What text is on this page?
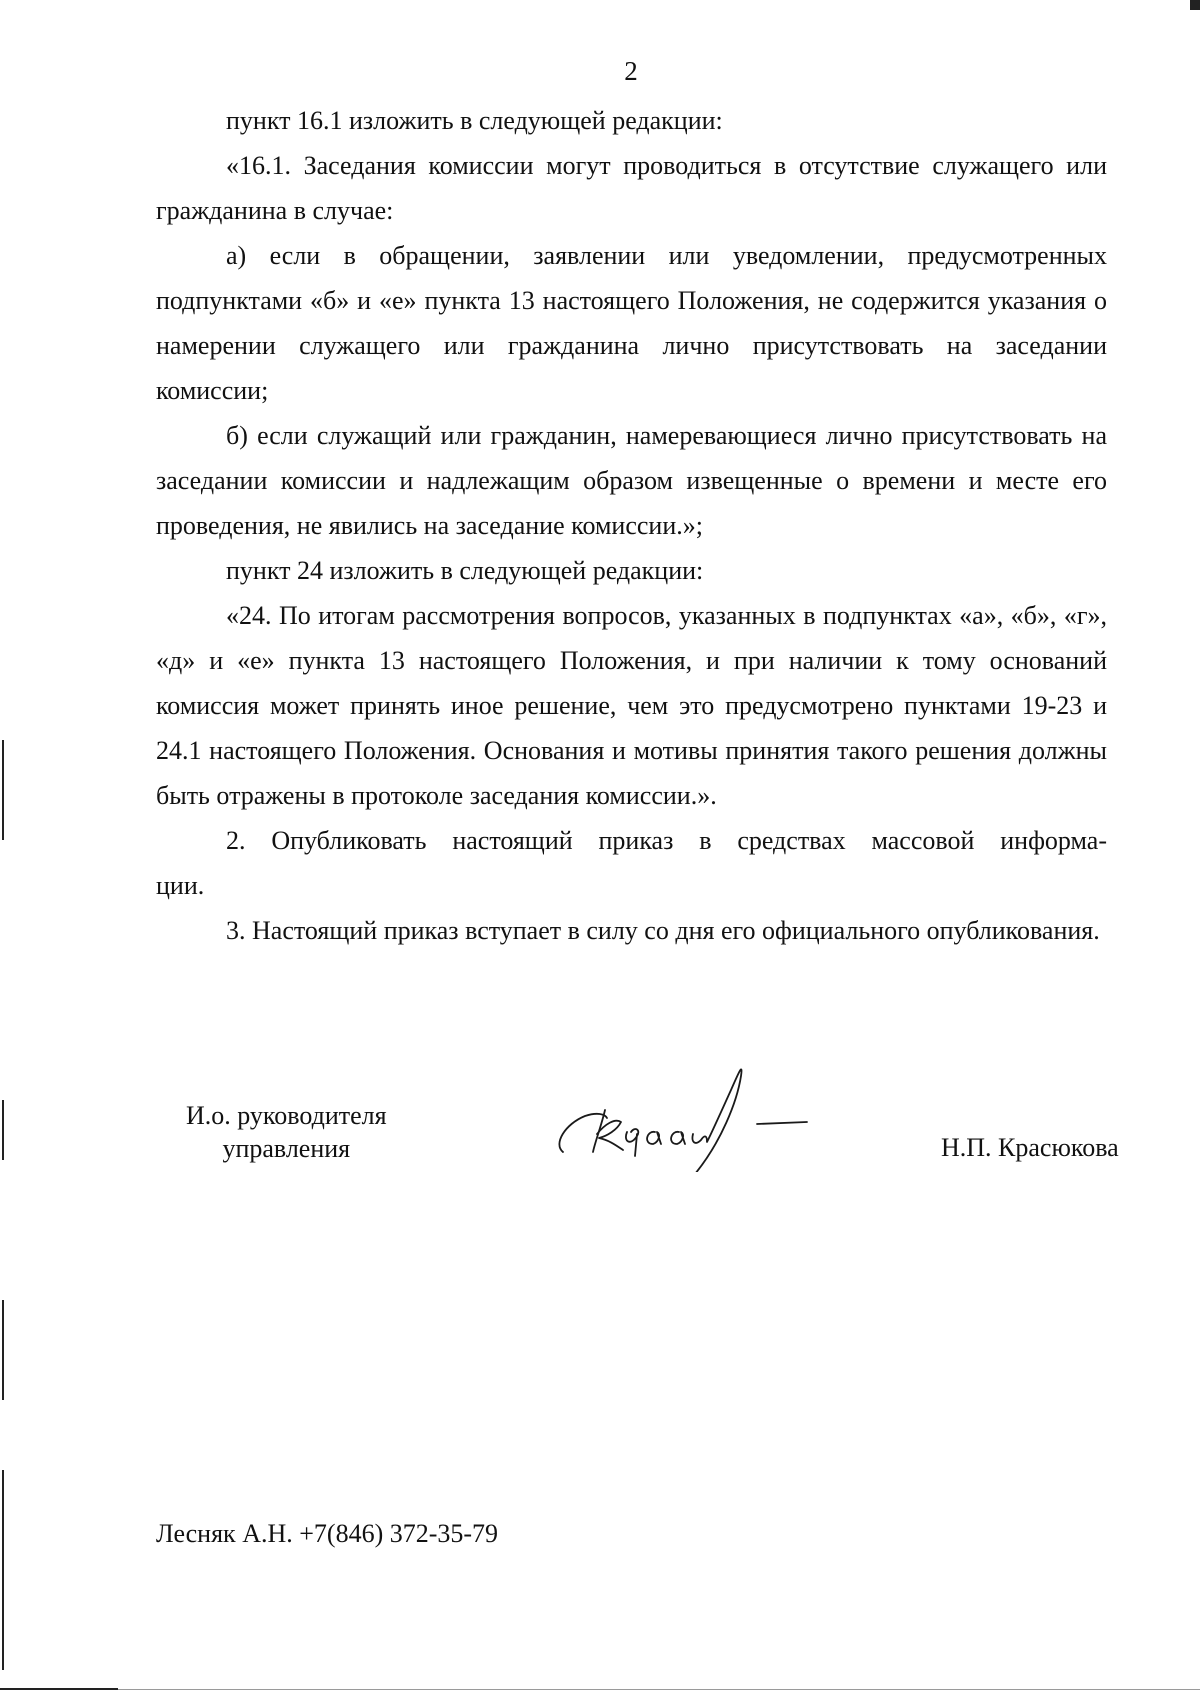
2

пункт 16.1 изложить в следующей редакции:

«16.1. Заседания комиссии могут проводиться в отсутствие служащего или гражданина в случае:

а) если в обращении, заявлении или уведомлении, предусмотренных подпунктами «б» и «е» пункта 13 настоящего Положения, не содержится указания о намерении служащего или гражданина лично присутствовать на заседании комиссии;

б) если служащий или гражданин, намеревающиеся лично присутствовать на заседании комиссии и надлежащим образом извещенные о времени и месте его проведения, не явились на заседание комиссии.»;

пункт 24 изложить в следующей редакции:

«24. По итогам рассмотрения вопросов, указанных в подпунктах «а», «б», «г», «д» и «е» пункта 13 настоящего Положения, и при наличии к тому оснований комиссия может принять иное решение, чем это предусмотрено пунктами 19-23 и 24.1 настоящего Положения. Основания и мотивы принятия такого решения должны быть отражены в протоколе заседания комиссии.».

2. Опубликовать настоящий приказ в средствах массовой информа-

ции.

3. Настоящий приказ вступает в силу со дня его официального опубликования.

И.о. руководителя
управления	Н.П. Красюкова
Лесняк А.Н. +7(846) 372-35-79
